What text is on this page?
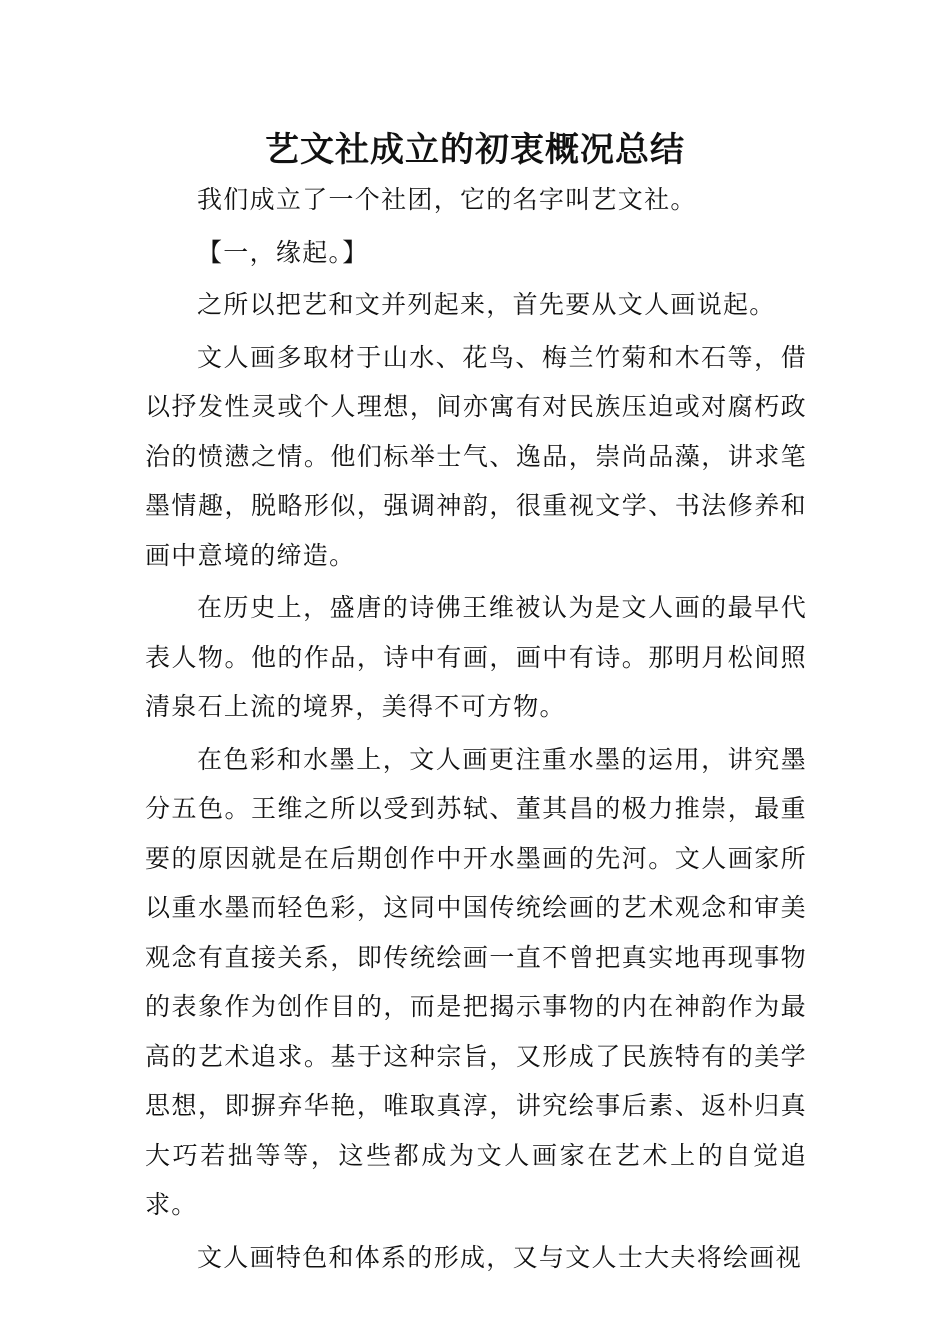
艺文社成立的初衷概况总结

我们成立了一个社团，它的名字叫艺文社。

【一，缘起。】

之所以把艺和文并列起来，首先要从文人画说起。

文人画多取材于山水、花鸟、梅兰竹菊和木石等，借以抒发性灵或个人理想，间亦寓有对民族压迫或对腐朽政治的愤懑之情。他们标举士气、逸品，崇尚品藻，讲求笔墨情趣，脱略形似，强调神韵，很重视文学、书法修养和画中意境的缔造。

在历史上，盛唐的诗佛王维被认为是文人画的最早代表人物。他的作品，诗中有画，画中有诗。那明月松间照清泉石上流的境界，美得不可方物。

在色彩和水墨上，文人画更注重水墨的运用，讲究墨分五色。王维之所以受到苏轼、董其昌的极力推崇，最重要的原因就是在后期创作中开水墨画的先河。文人画家所以重水墨而轻色彩，这同中国传统绘画的艺术观念和审美观念有直接关系，即传统绘画一直不曾把真实地再现事物的表象作为创作目的，而是把揭示事物的内在神韵作为最高的艺术追求。基于这种宗旨，又形成了民族特有的美学思想，即摒弃华艳，唯取真淳，讲究绘事后素、返朴归真大巧若拙等等，这些都成为文人画家在艺术上的自觉追求。

文人画特色和体系的形成，又与文人士大夫将绘画视
